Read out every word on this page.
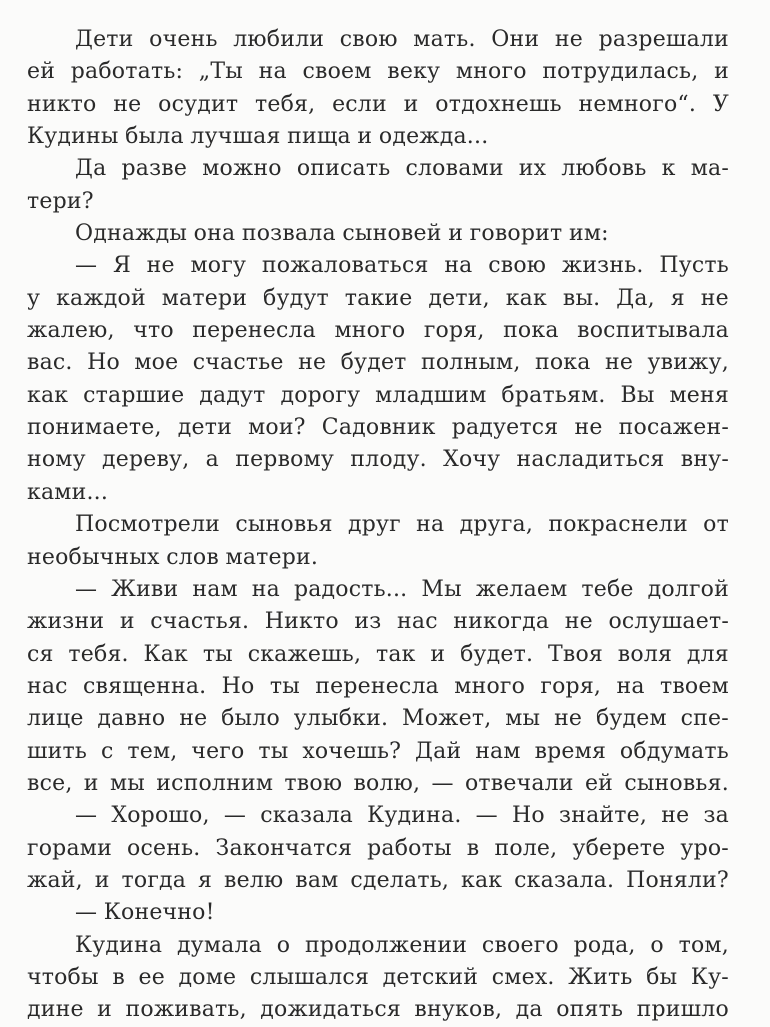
Дети очень любили свою мать. Они не разрешали
ей работать: „Ты на своем веку много потрудилась, и
никто не осудит тебя, если и отдохнешь немного“. У
Кудины была лучшая пища и одежда...
Да разве можно описать словами их любовь к ма-
тери?
Однажды она позвала сыновей и говорит им:
— Я не могу пожаловаться на свою жизнь. Пусть
у каждой матери будут такие дети, как вы. Да, я не
жалею, что перенесла много горя, пока воспитывала
вас. Но мое счастье не будет полным, пока не увижу,
как старшие дадут дорогу младшим братьям. Вы меня
понимаете, дети мои? Садовник радуется не посажен-
ному дереву, а первому плоду. Хочу насладиться вну-
ками...
Посмотрели сыновья друг на друга, покраснели от
необычных слов матери.
— Живи нам на радость... Мы желаем тебе долгой
жизни и счастья. Никто из нас никогда не ослушает-
ся тебя. Как ты скажешь, так и будет. Твоя воля для
нас священна. Но ты перенесла много горя, на твоем
лице давно не было улыбки. Может, мы не будем спе-
шить с тем, чего ты хочешь? Дай нам время обдумать
все, и мы исполним твою волю, — отвечали ей сыновья.
— Хорошо, — сказала Кудина. — Но знайте, не за
горами осень. Закончатся работы в поле, уберете уро-
жай, и тогда я велю вам сделать, как сказала. Поняли?
— Конечно!
Кудина думала о продолжении своего рода, о том,
чтобы в ее доме слышался детский смех. Жить бы Ку-
дине и поживать, дожидаться внуков, да опять пришло
